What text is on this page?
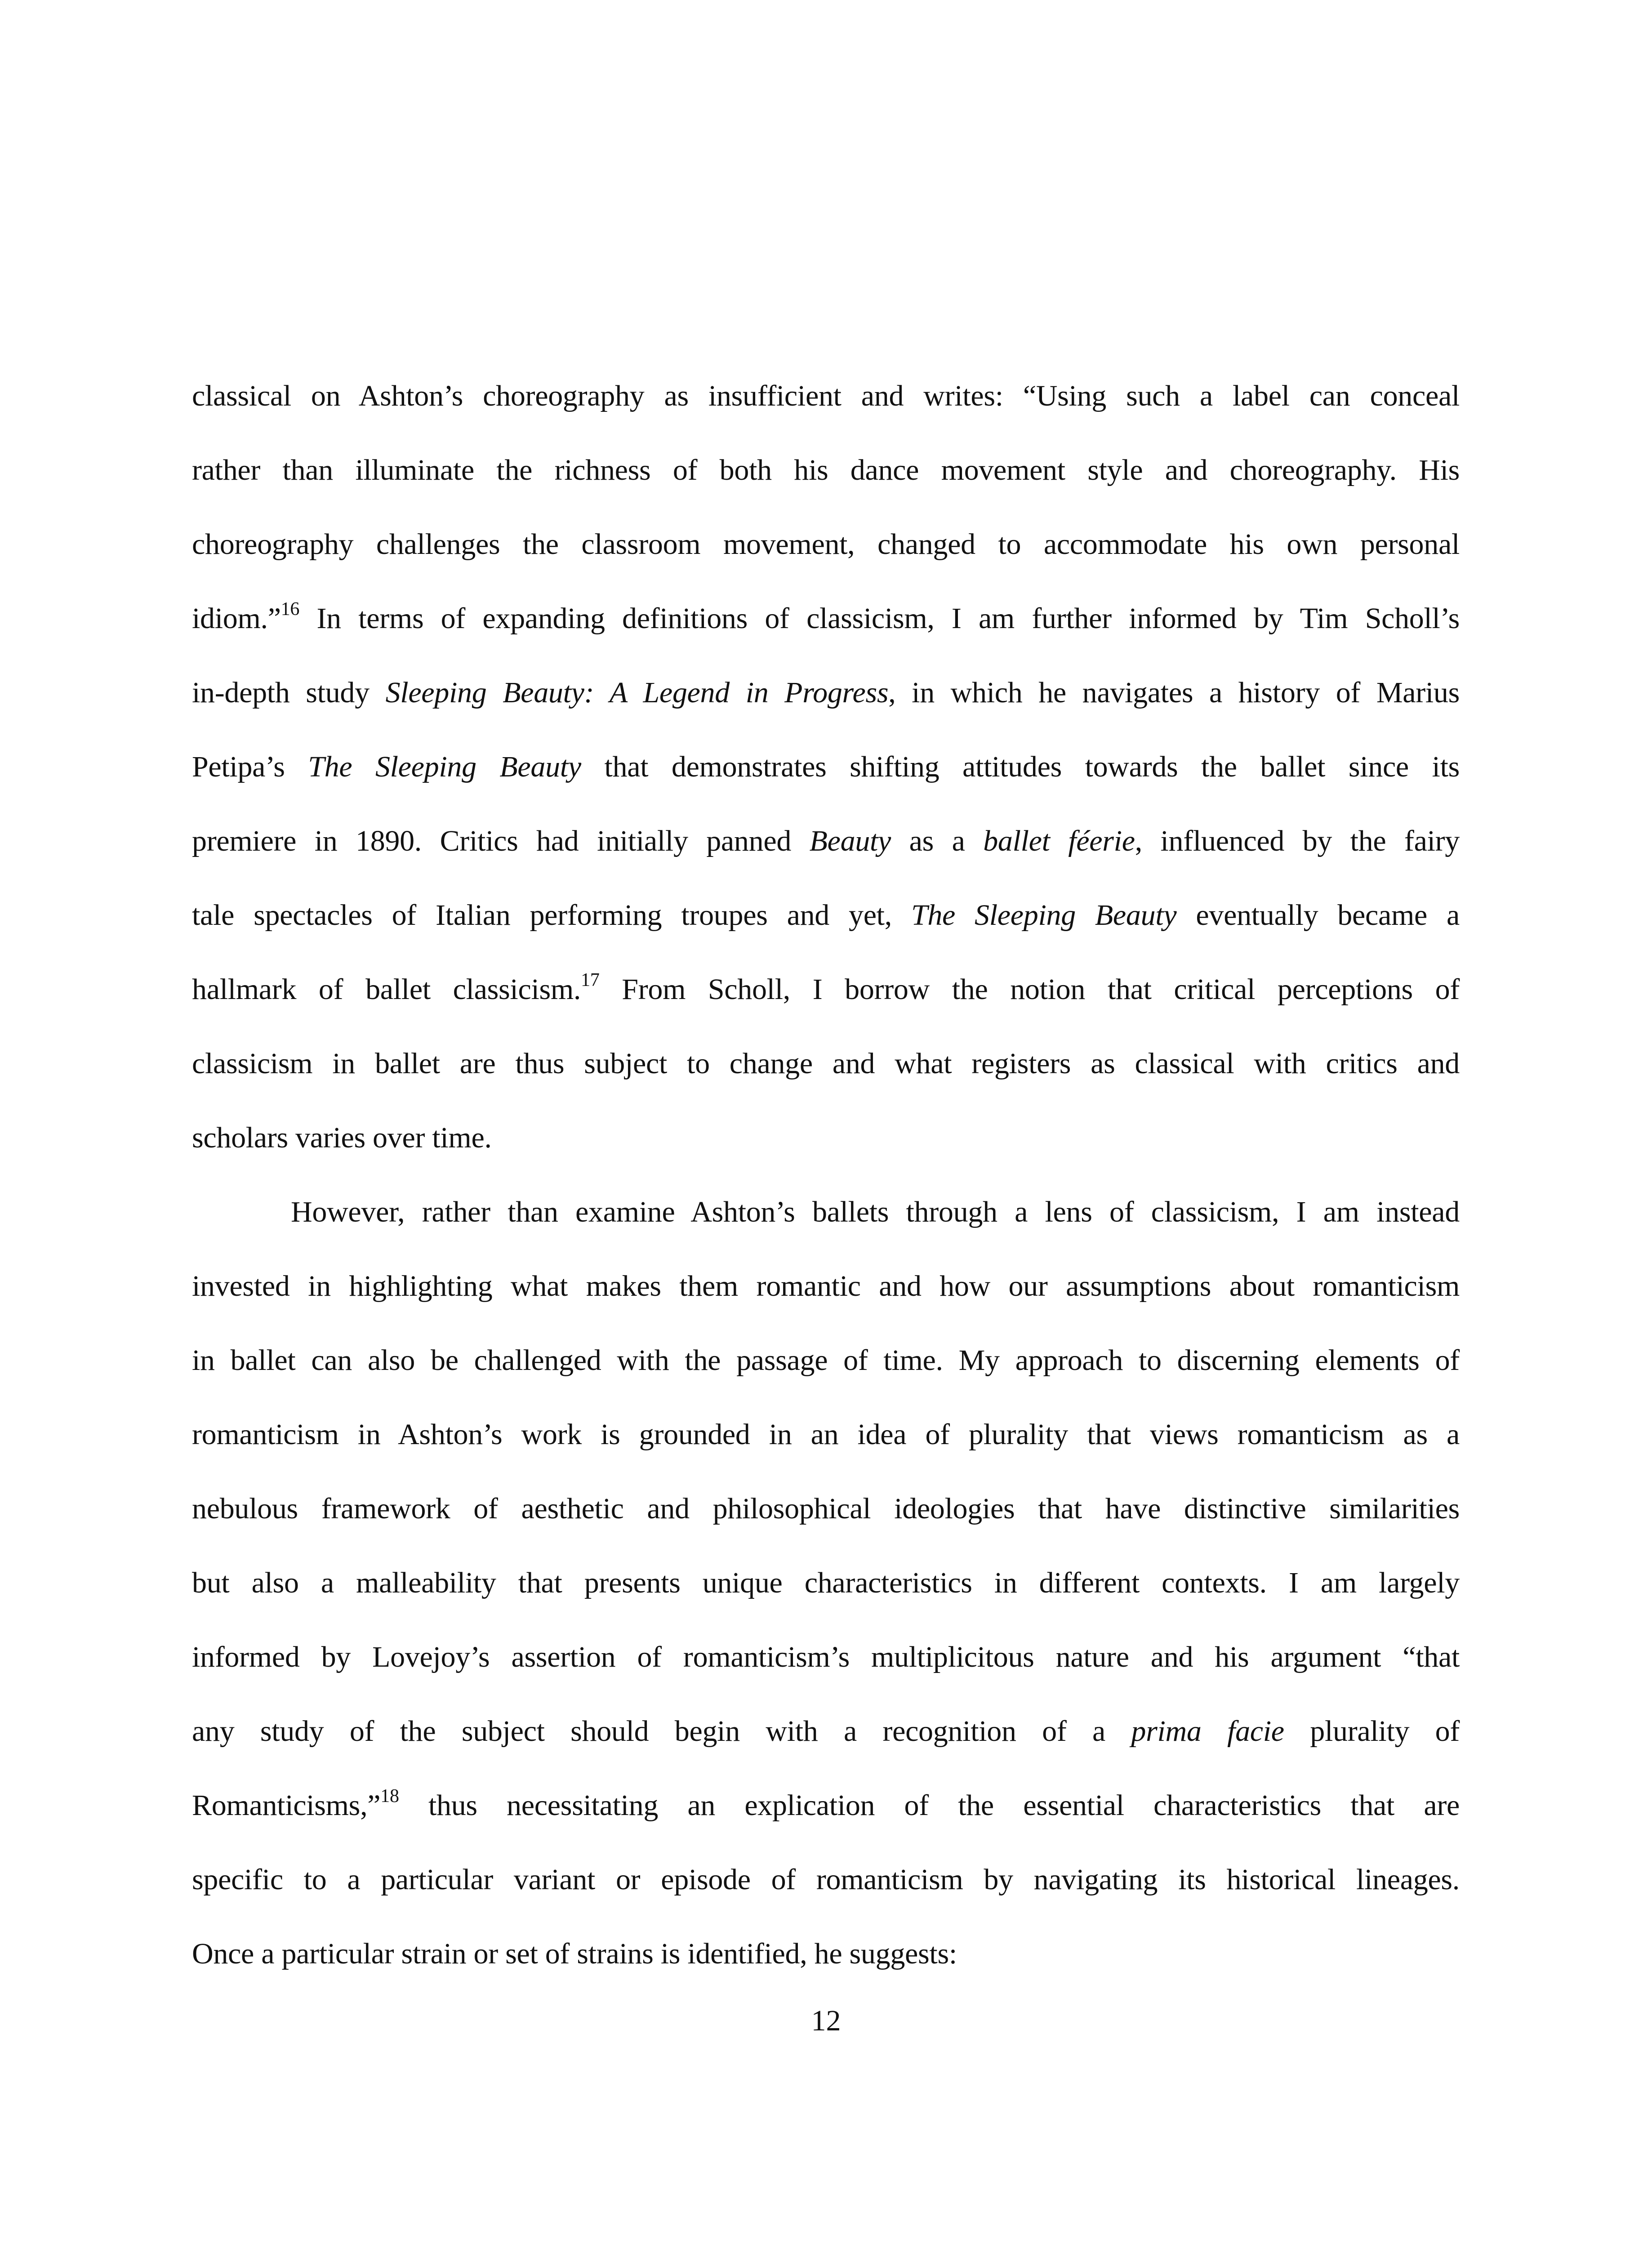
classical on Ashton’s choreography as insufficient and writes: “Using such a label can conceal
rather than illuminate the richness of both his dance movement style and choreography. His
choreography challenges the classroom movement, changed to accommodate his own personal
idiom.”$^{16}$ In terms of expanding definitions of classicism, I am further informed by Tim Scholl’s
in-depth study Sleeping Beauty: A Legend in Progress, in which he navigates a history of Marius
Petipa’s The Sleeping Beauty that demonstrates shifting attitudes towards the ballet since its
premiere in 1890. Critics had initially panned Beauty as a ballet féerie, influenced by the fairy
tale spectacles of Italian performing troupes and yet, The Sleeping Beauty eventually became a
hallmark of ballet classicism.$^{17}$ From Scholl, I borrow the notion that critical perceptions of
classicism in ballet are thus subject to change and what registers as classical with critics and
scholars varies over time.
However, rather than examine Ashton’s ballets through a lens of classicism, I am instead
invested in highlighting what makes them romantic and how our assumptions about romanticism
in ballet can also be challenged with the passage of time. My approach to discerning elements of
romanticism in Ashton’s work is grounded in an idea of plurality that views romanticism as a
nebulous framework of aesthetic and philosophical ideologies that have distinctive similarities
but also a malleability that presents unique characteristics in different contexts. I am largely
informed by Lovejoy’s assertion of romanticism’s multiplicitous nature and his argument “that
any study of the subject should begin with a recognition of a prima facie plurality of
Romanticisms,”$^{18}$ thus necessitating an explication of the essential characteristics that are
specific to a particular variant or episode of romanticism by navigating its historical lineages.
Once a particular strain or set of strains is identified, he suggests:
12
